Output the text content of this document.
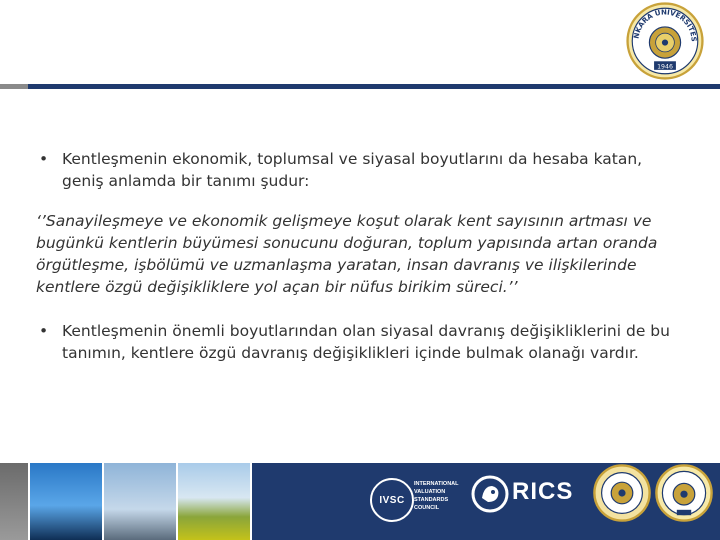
NKARA ÜNİVERSİTES
1946
• Kentleşmenin ekonomik, toplumsal ve siyasal boyutlarını da hesaba katan, geniş anlamda bir tanımı şudur:
‘’Sanayileşmeye ve ekonomik gelişmeye koşut olarak kent sayısının artması ve bugünkü kentlerin büyümesi sonucunu doğuran, toplum yapısında artan oranda örgütleşme, işbölümü ve uzmanlaşma yaratan, insan davranış ve ilişkilerinde kentlere özgü değişikliklere yol açan bir nüfus birikim süreci.’’
• Kentleşmenin önemli boyutlarından olan siyasal davranış değişikliklerini de bu tanımın, kentlere özgü davranış değişiklikleri içinde bulmak olanağı vardır.
IVSC
INTERNATIONAL
VALUATION
STANDARDS
COUNCIL
RICS
